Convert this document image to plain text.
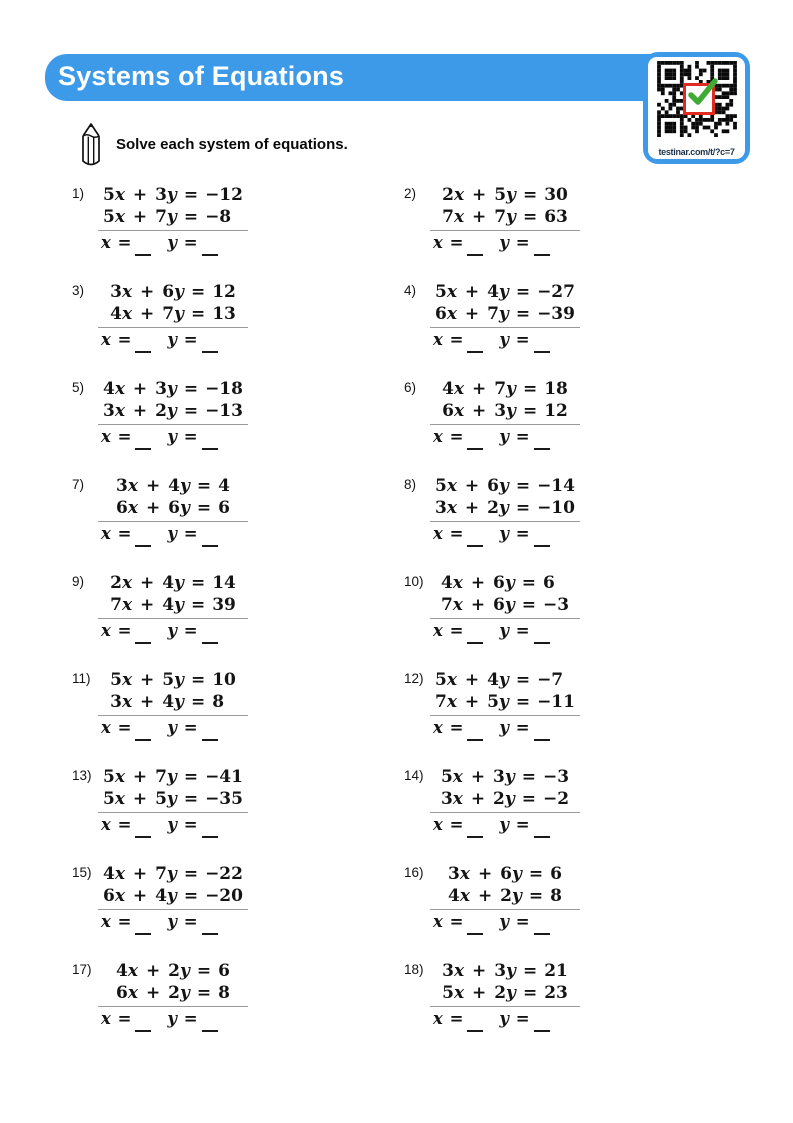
Systems of Equations
testinar.com/t/?c=7
Solve each system of equations.
1) 5x + 3y = −12
5x + 7y = −8
x = y =
2) 2x + 5y = 30
7x + 7y = 63
x = y =
3) 3x + 6y = 12
4x + 7y = 13
x = y =
4) 5x + 4y = −27
6x + 7y = −39
x = y =
5) 4x + 3y = −18
3x + 2y = −13
x = y =
6) 4x + 7y = 18
6x + 3y = 12
x = y =
7) 3x + 4y = 4
6x + 6y = 6
x = y =
8) 5x + 6y = −14
3x + 2y = −10
x = y =
9) 2x + 4y = 14
7x + 4y = 39
x = y =
10) 4x + 6y = 6
7x + 6y = −3
x = y =
11) 5x + 5y = 10
3x + 4y = 8
x = y =
12) 5x + 4y = −7
7x + 5y = −11
x = y =
13) 5x + 7y = −41
5x + 5y = −35
x = y =
14) 5x + 3y = −3
3x + 2y = −2
x = y =
15) 4x + 7y = −22
6x + 4y = −20
x = y =
16) 3x + 6y = 6
4x + 2y = 8
x = y =
17) 4x + 2y = 6
6x + 2y = 8
x = y =
18) 3x + 3y = 21
5x + 2y = 23
x = y =
